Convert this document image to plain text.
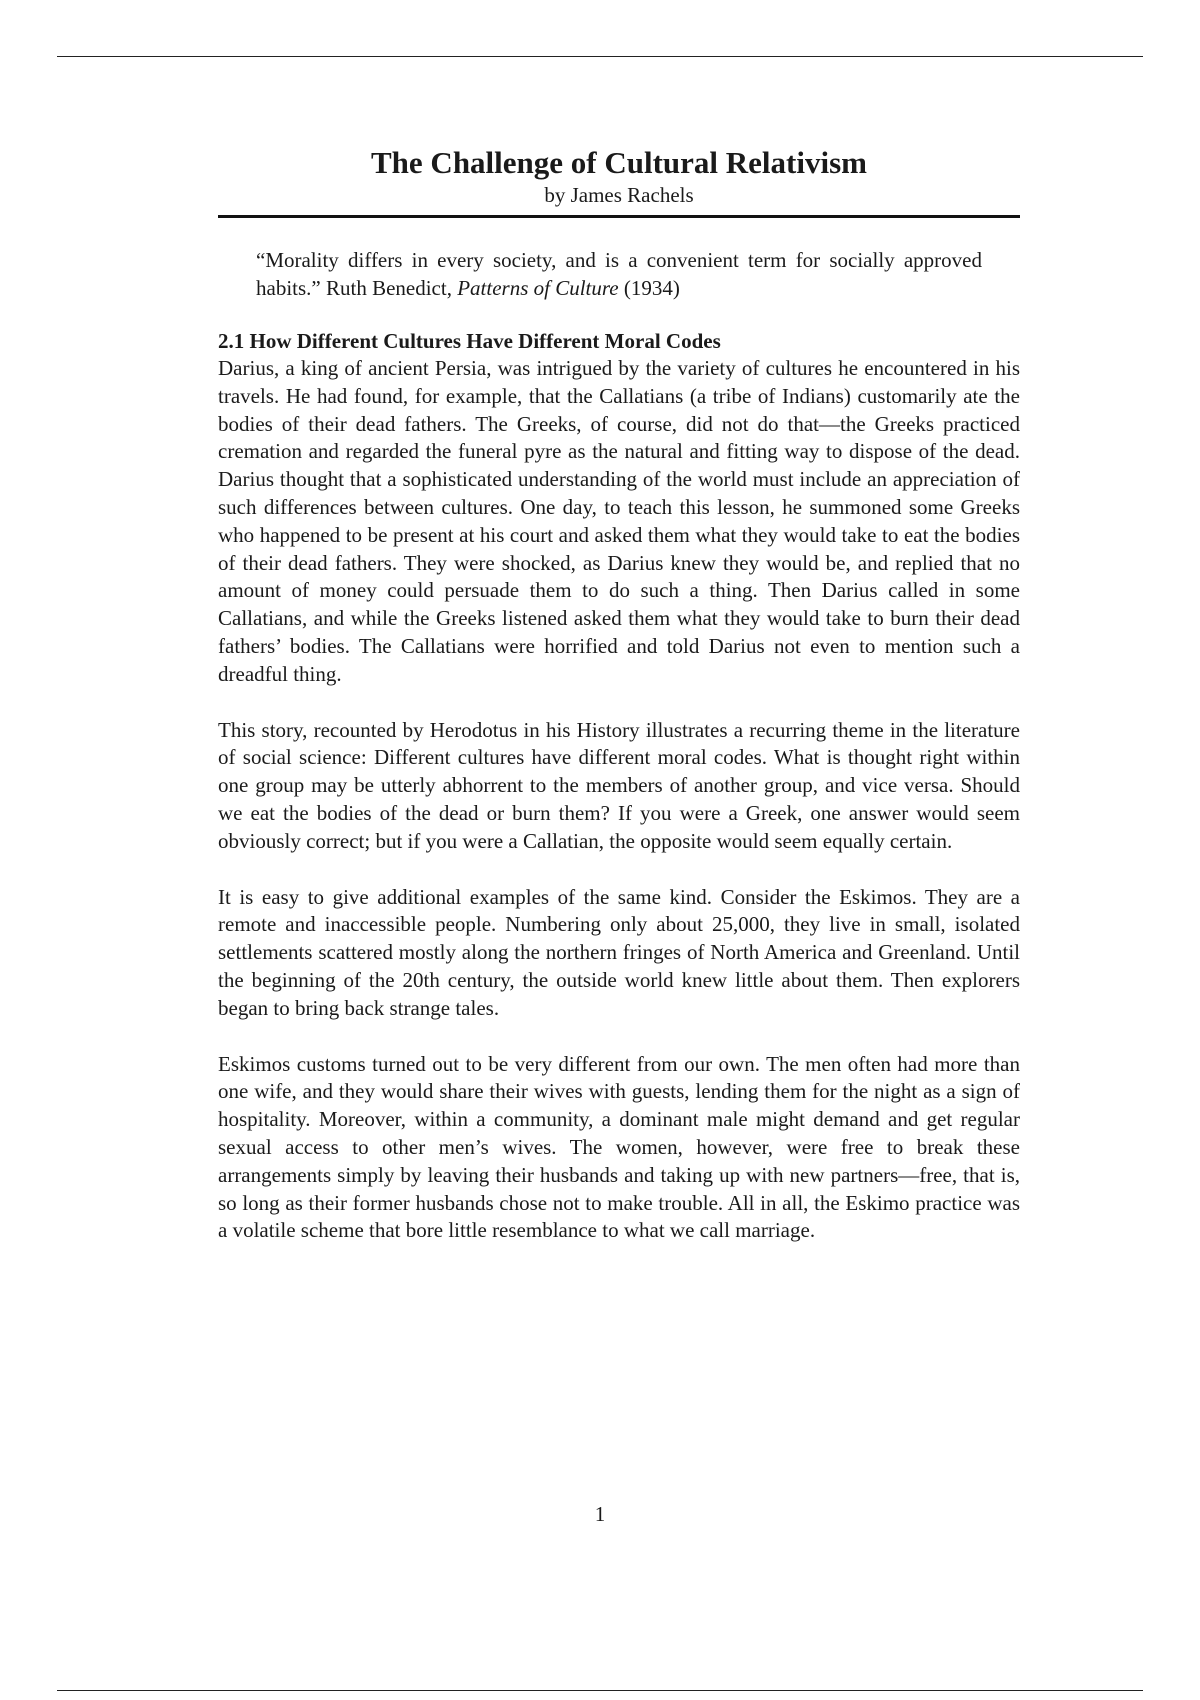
The Challenge of Cultural Relativism

by James Rachels

“Morality differs in every society, and is a convenient term for socially approved habits.” Ruth Benedict, Patterns of Culture (1934)

2.1 How Different Cultures Have Different Moral Codes

Darius, a king of ancient Persia, was intrigued by the variety of cultures he encountered in his travels. He had found, for example, that the Callatians (a tribe of Indians) customarily ate the bodies of their dead fathers. The Greeks, of course, did not do that—the Greeks practiced cremation and regarded the funeral pyre as the natural and fitting way to dispose of the dead. Darius thought that a sophisticated understanding of the world must include an appreciation of such differences between cultures. One day, to teach this lesson, he summoned some Greeks who happened to be present at his court and asked them what they would take to eat the bodies of their dead fathers. They were shocked, as Darius knew they would be, and replied that no amount of money could persuade them to do such a thing. Then Darius called in some Callatians, and while the Greeks listened asked them what they would take to burn their dead fathers’ bodies. The Callatians were horrified and told Darius not even to mention such a dreadful thing.

This story, recounted by Herodotus in his History illustrates a recurring theme in the literature of social science: Different cultures have different moral codes. What is thought right within one group may be utterly abhorrent to the members of another group, and vice versa. Should we eat the bodies of the dead or burn them? If you were a Greek, one answer would seem obviously correct; but if you were a Callatian, the opposite would seem equally certain.

It is easy to give additional examples of the same kind. Consider the Eskimos. They are a remote and inaccessible people. Numbering only about 25,000, they live in small, isolated settlements scattered mostly along the northern fringes of North America and Greenland. Until the beginning of the 20th century, the outside world knew little about them. Then explorers began to bring back strange tales.

Eskimos customs turned out to be very different from our own. The men often had more than one wife, and they would share their wives with guests, lending them for the night as a sign of hospitality. Moreover, within a community, a dominant male might demand and get regular sexual access to other men’s wives. The women, however, were free to break these arrangements simply by leaving their husbands and taking up with new partners—free, that is, so long as their former husbands chose not to make trouble. All in all, the Eskimo practice was a volatile scheme that bore little resemblance to what we call marriage.

1
